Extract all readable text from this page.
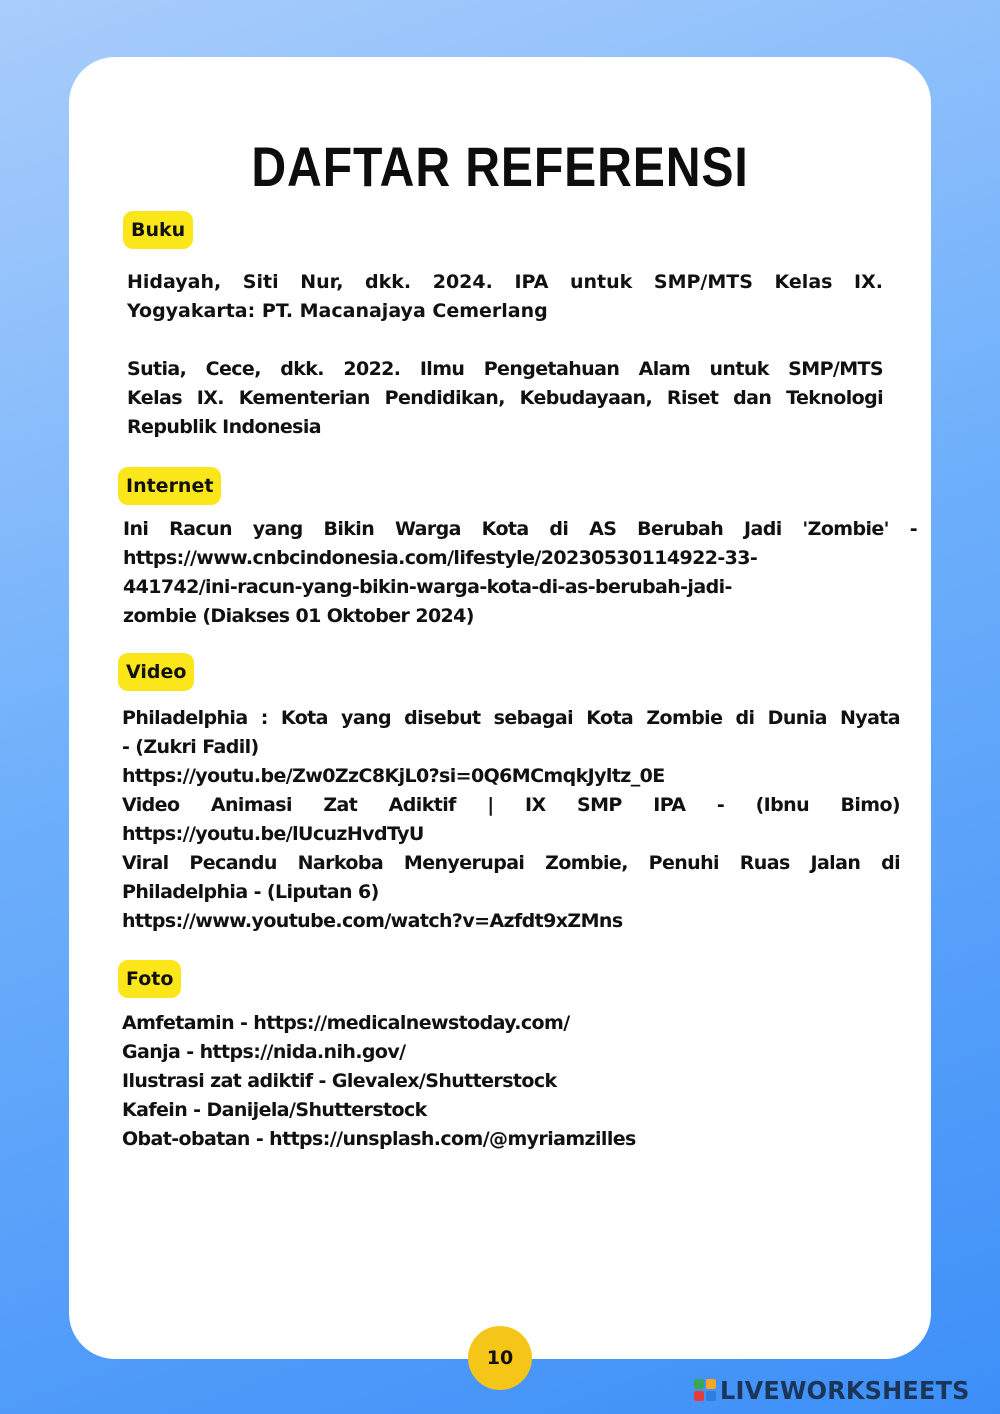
DAFTAR REFERENSI
Buku
Hidayah, Siti Nur, dkk. 2024. IPA untuk SMP/MTS Kelas IX.
Yogyakarta: PT. Macanajaya Cemerlang
Sutia, Cece, dkk. 2022. Ilmu Pengetahuan Alam untuk SMP/MTS
Kelas IX. Kementerian Pendidikan, Kebudayaan, Riset dan Teknologi
Republik Indonesia
Internet
Ini Racun yang Bikin Warga Kota di AS Berubah Jadi 'Zombie' -
https://www.cnbcindonesia.com/lifestyle/20230530114922-33-
441742/ini-racun-yang-bikin-warga-kota-di-as-berubah-jadi-
zombie (Diakses 01 Oktober 2024)
Video
Philadelphia : Kota yang disebut sebagai Kota Zombie di Dunia Nyata
- (Zukri Fadil)
https://youtu.be/Zw0ZzC8KjL0?si=0Q6MCmqkJyltz_0E
Video Animasi Zat Adiktif | IX SMP IPA - (Ibnu Bimo)
https://youtu.be/lUcuzHvdTyU
Viral Pecandu Narkoba Menyerupai Zombie, Penuhi Ruas Jalan di
Philadelphia - (Liputan 6)
https://www.youtube.com/watch?v=Azfdt9xZMns
Foto
Amfetamin - https://medicalnewstoday.com/
Ganja - https://nida.nih.gov/
Ilustrasi zat adiktif - Glevalex/Shutterstock
Kafein - Danijela/Shutterstock
Obat-obatan - https://unsplash.com/@myriamzilles
10
LIVEWORKSHEETS
